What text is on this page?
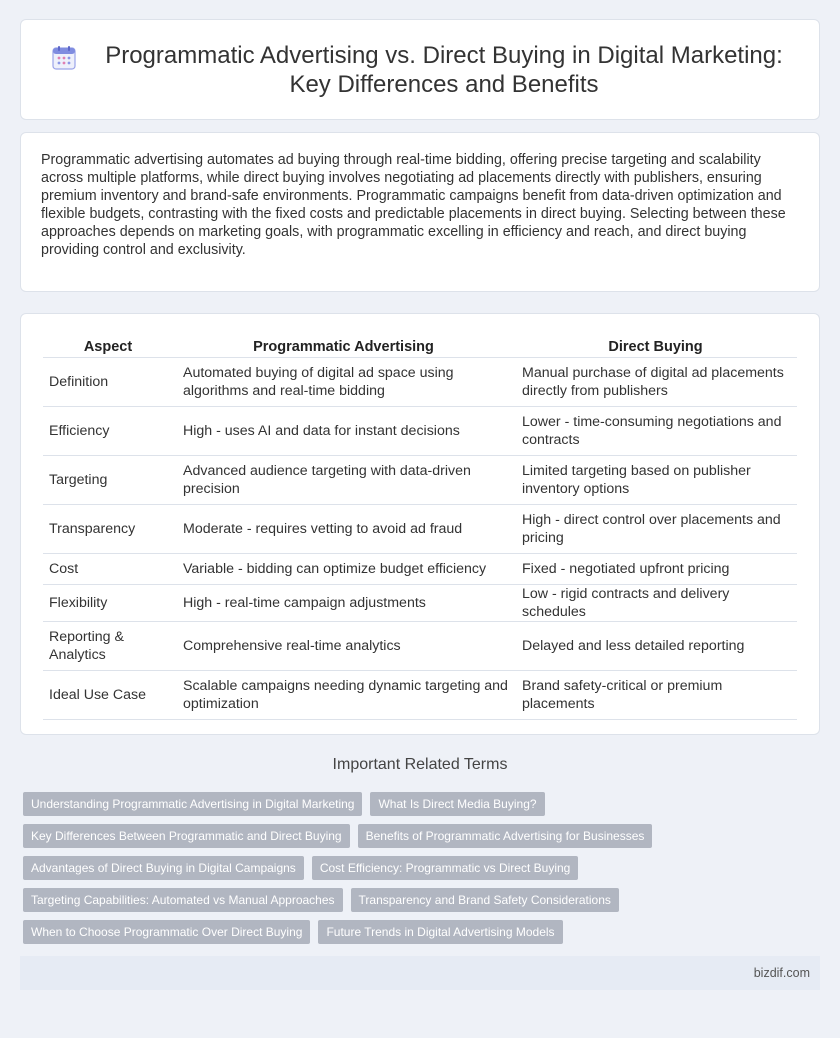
Programmatic Advertising vs. Direct Buying in Digital Marketing: Key Differences and Benefits

Programmatic advertising automates ad buying through real-time bidding, offering precise targeting and scalability across multiple platforms, while direct buying involves negotiating ad placements directly with publishers, ensuring premium inventory and brand-safe environments. Programmatic campaigns benefit from data-driven optimization and flexible budgets, contrasting with the fixed costs and predictable placements in direct buying. Selecting between these approaches depends on marketing goals, with programmatic excelling in efficiency and reach, and direct buying providing control and exclusivity.

Aspect	Programmatic Advertising	Direct Buying
Definition	Automated buying of digital ad space using algorithms and real-time bidding	Manual purchase of digital ad placements directly from publishers
Efficiency	High - uses AI and data for instant decisions	Lower - time-consuming negotiations and contracts
Targeting	Advanced audience targeting with data-driven precision	Limited targeting based on publisher inventory options
Transparency	Moderate - requires vetting to avoid ad fraud	High - direct control over placements and pricing
Cost	Variable - bidding can optimize budget efficiency	Fixed - negotiated upfront pricing
Flexibility	High - real-time campaign adjustments	Low - rigid contracts and delivery schedules
Reporting & Analytics	Comprehensive real-time analytics	Delayed and less detailed reporting
Ideal Use Case	Scalable campaigns needing dynamic targeting and optimization	Brand safety-critical or premium placements
Important Related Terms
Understanding Programmatic Advertising in Digital Marketing	What Is Direct Media Buying?
Key Differences Between Programmatic and Direct Buying	Benefits of Programmatic Advertising for Businesses
Advantages of Direct Buying in Digital Campaigns	Cost Efficiency: Programmatic vs Direct Buying
Targeting Capabilities: Automated vs Manual Approaches	Transparency and Brand Safety Considerations
When to Choose Programmatic Over Direct Buying	Future Trends in Digital Advertising Models
bizdif.com
